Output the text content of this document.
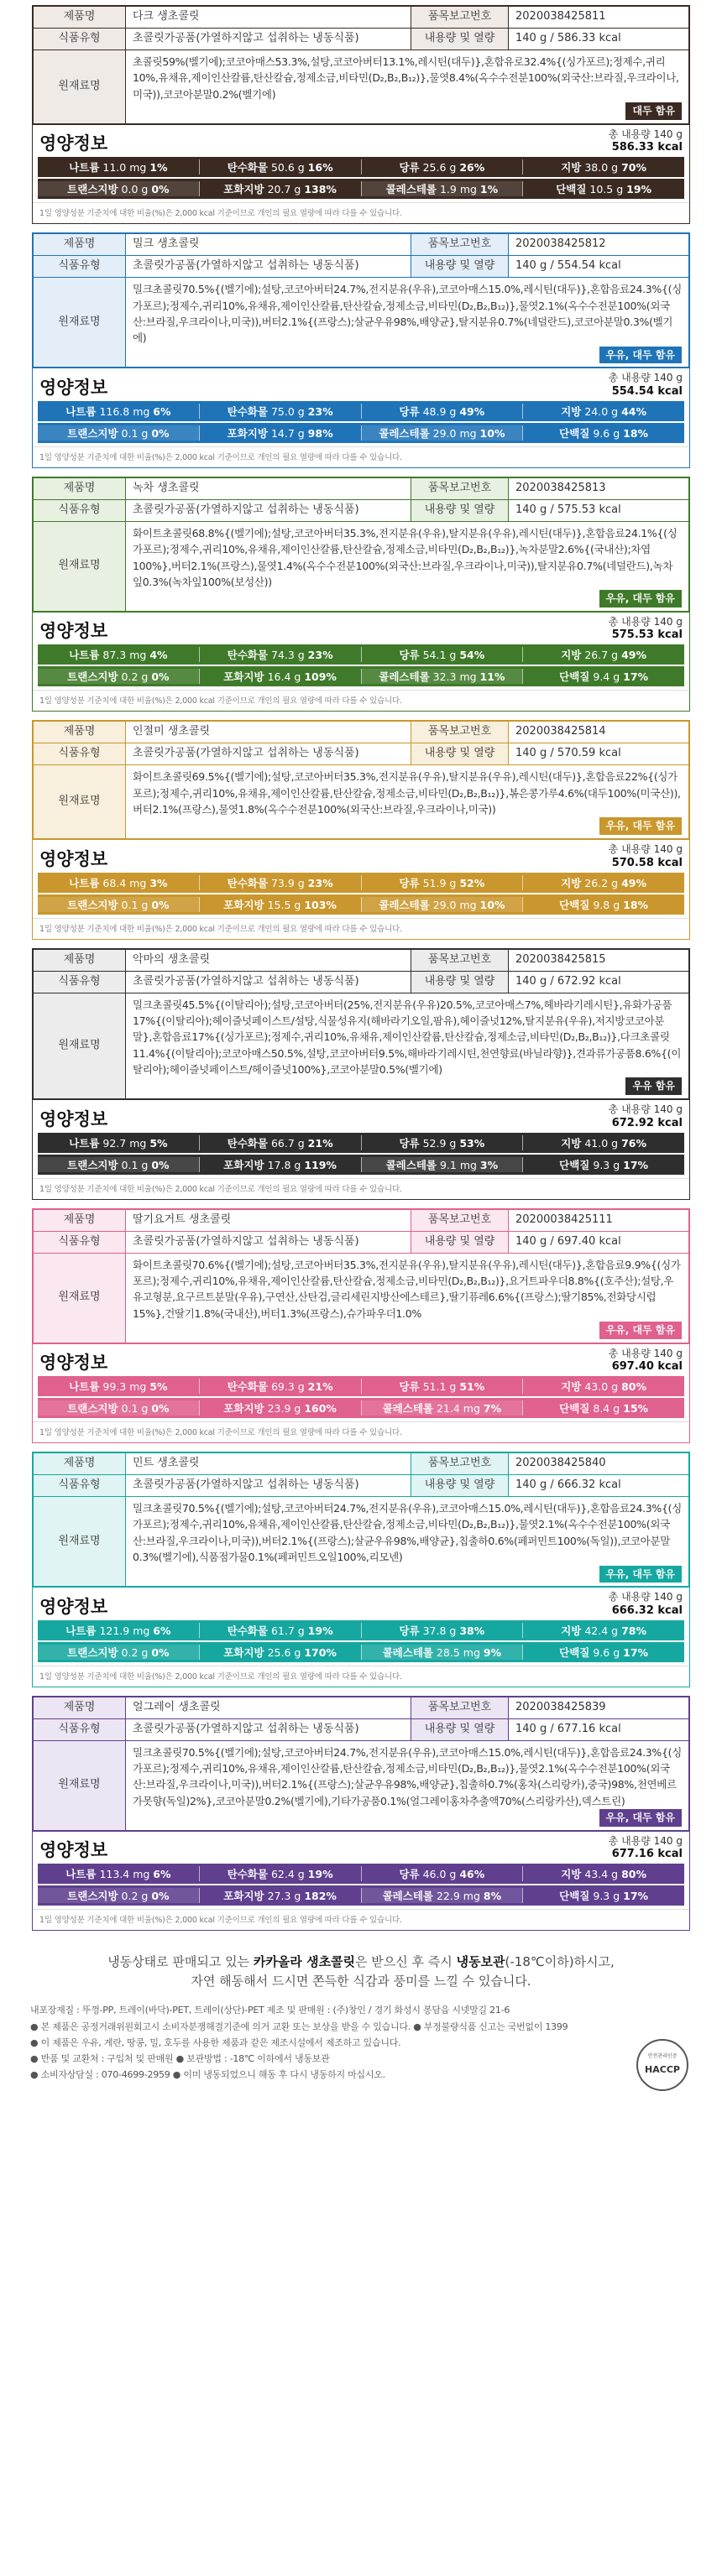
제품명	다크 생초콜릿	품목보고번호	2020038425811
식품유형	초콜릿가공품(가열하지않고 섭취하는 냉동식품)	내용량 및 열량	140 g / 586.33 kcal
원재료명	초콜릿59%(벨기에);코코아매스53.3%,설탕,코코아버터13.1%,레시틴(대두)},혼합유로32.4%{(싱가포르);정제수,귀리10%,유채유,제이인산칼륨,탄산칼슘,정제소금,비타민(D₂,B₂,B₁₂)},물엿8.4%(옥수수전분100%(외국산:브라질,우크라이나,미국)),코코아분말0.2%(벨기에)
대두 함유		
영양정보	총 내용량 140 g
586.33 kcal
나트륨 11.0 mg 1%	탄수화물 50.6 g 16%	당류 25.6 g 26%	지방 38.0 g 70%
트랜스지방 0.0 g 0%	포화지방 20.7 g 138%	콜레스테롤 1.9 mg 1%	단백질 10.5 g 19%
1일 영양성분 기준치에 대한 비율(%)은 2,000 kcal 기준이므로 개인의 필요 열량에 따라 다를 수 있습니다.
제품명	밀크 생초콜릿	품목보고번호	2020038425812
식품유형	초콜릿가공품(가열하지않고 섭취하는 냉동식품)	내용량 및 열량	140 g / 554.54 kcal
원재료명	밀크초콜릿70.5%{(벨기에);설탕,코코아버터24.7%,전지분유(우유),코코아매스15.0%,레시틴(대두)},혼합음료24.3%{(싱가포르);정제수,귀리10%,유채유,제이인산칼륨,탄산칼슘,정제소금,비타민(D₂,B₂,B₁₂)},물엿2.1%(옥수수전분100%(외국산:브라질,우크라이나,미국)),버터2.1%{(프랑스);살균우유98%,배양균},탈지분유0.7%(네덜란드),코코아분말0.3%(벨기에)
우유, 대두 함유		
영양정보	총 내용량 140 g
554.54 kcal
나트륨 116.8 mg 6%	탄수화물 75.0 g 23%	당류 48.9 g 49%	지방 24.0 g 44%
트랜스지방 0.1 g 0%	포화지방 14.7 g 98%	콜레스테롤 29.0 mg 10%	단백질 9.6 g 18%
1일 영양성분 기준치에 대한 비율(%)은 2,000 kcal 기준이므로 개인의 필요 열량에 따라 다를 수 있습니다.
제품명	녹차 생초콜릿	품목보고번호	2020038425813
식품유형	초콜릿가공품(가열하지않고 섭취하는 냉동식품)	내용량 및 열량	140 g / 575.53 kcal
원재료명	화이트초콜릿68.8%{(벨기에);설탕,코코아버터35.3%,전지분유(우유),탈지분유(우유),레시틴(대두)},혼합음료24.1%{(싱가포르);정제수,귀리10%,유채유,제이인산칼륨,탄산칼슘,정제소금,비타민(D₂,B₂,B₁₂)},녹차분말2.6%{(국내산);차엽100%},버터2.1%(프랑스),물엿1.4%(옥수수전분100%(외국산:브라질,우크라이나,미국)),탈지분유0.7%(네덜란드),녹차잎0.3%(녹차잎100%(보성산))
우유, 대두 함유		
영양정보	총 내용량 140 g
575.53 kcal
나트륨 87.3 mg 4%	탄수화물 74.3 g 23%	당류 54.1 g 54%	지방 26.7 g 49%
트랜스지방 0.2 g 0%	포화지방 16.4 g 109%	콜레스테롤 32.3 mg 11%	단백질 9.4 g 17%
1일 영양성분 기준치에 대한 비율(%)은 2,000 kcal 기준이므로 개인의 필요 열량에 따라 다를 수 있습니다.
제품명	인절미 생초콜릿	품목보고번호	2020038425814
식품유형	초콜릿가공품(가열하지않고 섭취하는 냉동식품)	내용량 및 열량	140 g / 570.59 kcal
원재료명	화이트초콜릿69.5%{(벨기에);설탕,코코아버터35.3%,전지분유(우유),탈지분유(우유),레시틴(대두)},혼합음료22%{(싱가포르);정제수,귀리10%,유채유,제이인산칼륨,탄산칼슘,정제소금,비타민(D₂,B₂,B₁₂)},볶은콩가루4.6%(대두100%(미국산)),버터2.1%(프랑스),물엿1.8%(옥수수전분100%(외국산:브라질,우크라이나,미국))
우유, 대두 함유		
영양정보	총 내용량 140 g
570.58 kcal
나트륨 68.4 mg 3%	탄수화물 73.9 g 23%	당류 51.9 g 52%	지방 26.2 g 49%
트랜스지방 0.1 g 0%	포화지방 15.5 g 103%	콜레스테롤 29.0 mg 10%	단백질 9.8 g 18%
1일 영양성분 기준치에 대한 비율(%)은 2,000 kcal 기준이므로 개인의 필요 열량에 따라 다를 수 있습니다.
제품명	악마의 생초콜릿	품목보고번호	2020038425815
식품유형	초콜릿가공품(가열하지않고 섭취하는 냉동식품)	내용량 및 열량	140 g / 672.92 kcal
원재료명	밀크초콜릿45.5%{(이탈리아);설탕,코코아버터(25%,전지분유(우유)20.5%,코코아매스7%,헤바라기레시틴},유화가공품17%{(이탈리아);헤이즐넛페이스트/설탕,식물성유지(해바라기오일,팜유),헤이즐넛12%,탈지분유(우유),저지방코코아분말},혼합음료17%{(싱가포르);정제수,귀리10%,유채유,제이인산칼륨,탄산칼슘,정제소금,비타민(D₂,B₂,B₁₂)},다크초콜릿11.4%{(이탈리아);코코아매스50.5%,설탕,코코아버터9.5%,해바라기레시틴,천연향료(바닐라향)},견과류가공품8.6%{(이탈리아);헤이즐넛페이스트/헤이즐넛100%},코코아분말0.5%(벨기에)
우유 함유		
영양정보	총 내용량 140 g
672.92 kcal
나트륨 92.7 mg 5%	탄수화물 66.7 g 21%	당류 52.9 g 53%	지방 41.0 g 76%
트랜스지방 0.1 g 0%	포화지방 17.8 g 119%	콜레스테롤 9.1 mg 3%	단백질 9.3 g 17%
1일 영양성분 기준치에 대한 비율(%)은 2,000 kcal 기준이므로 개인의 필요 열량에 따라 다를 수 있습니다.
제품명	딸기요거트 생초콜릿	품목보고번호	20200038425111
식품유형	초콜릿가공품(가열하지않고 섭취하는 냉동식품)	내용량 및 열량	140 g / 697.40 kcal
원재료명	화이트초콜릿70.6%{(벨기에);설탕,코코아버터35.3%,전지분유(우유),탈지분유(우유),레시틴(대두)},혼합음료9.9%{(싱가포르);정제수,귀리10%,유채유,제이인산칼륨,탄산칼슘,정제소금,비타민(D₂,B₂,B₁₂)},요거트파우더8.8%{(호주산);설탕,우유고형분,요구르트분말(우유),구연산,산탄검,글리세린지방산에스테르},딸기퓨레6.6%{(프랑스);딸기85%,전화당시럽15%},건딸기1.8%(국내산),버터1.3%(프랑스),슈가파우더1.0%
우유, 대두 함유		
영양정보	총 내용량 140 g
697.40 kcal
나트륨 99.3 mg 5%	탄수화물 69.3 g 21%	당류 51.1 g 51%	지방 43.0 g 80%
트랜스지방 0.1 g 0%	포화지방 23.9 g 160%	콜레스테롤 21.4 mg 7%	단백질 8.4 g 15%
1일 영양성분 기준치에 대한 비율(%)은 2,000 kcal 기준이므로 개인의 필요 열량에 따라 다를 수 있습니다.
제품명	민트 생초콜릿	품목보고번호	2020038425840
식품유형	초콜릿가공품(가열하지않고 섭취하는 냉동식품)	내용량 및 열량	140 g / 666.32 kcal
원재료명	밀크초콜릿70.5%{(벨기에);설탕,코코아버터24.7%,전지분유(우유),코코아매스15.0%,레시틴(대두)},혼합음료24.3%{(싱가포르);정제수,귀리10%,유채유,제이인산칼륨,탄산칼슘,정제소금,비타민(D₂,B₂,B₁₂)},물엿2.1%(옥수수전분100%(외국산:브라질,우크라이나,미국)),버터2.1%{(프랑스);살균우유98%,배양균},칩출하0.6%(페퍼민트100%(독일)),코코아분말0.3%(벨기에),식품점가물0.1%(페퍼민트오일100%,리모넨)
우유, 대두 함유		
영양정보	총 내용량 140 g
666.32 kcal
나트륨 121.9 mg 6%	탄수화물 61.7 g 19%	당류 37.8 g 38%	지방 42.4 g 78%
트랜스지방 0.2 g 0%	포화지방 25.6 g 170%	콜레스테롤 28.5 mg 9%	단백질 9.6 g 17%
1일 영양성분 기준치에 대한 비율(%)은 2,000 kcal 기준이므로 개인의 필요 열량에 따라 다를 수 있습니다.
제품명	얼그레이 생초콜릿	품목보고번호	2020038425839
식품유형	초콜릿가공품(가열하지않고 섭취하는 냉동식품)	내용량 및 열량	140 g / 677.16 kcal
원재료명	밀크초콜릿70.5%{(벨기에);설탕,코코아버터24.7%,전지분유(우유),코코아매스15.0%,레시틴(대두)},혼합음료24.3%{(싱가포르);정제수,귀리10%,유채유,제이인산칼륨,탄산칼슘,정제소금,비타민(D₂,B₂,B₁₂)},물엿2.1%(옥수수전분100%(외국산:브라질,우크라이나,미국)),버터2.1%{(프랑스);살균우유98%,배양균},칩출하0.7%(홍차(스리랑카),중국)98%,천연베르가못향(독일)2%},코코아분말0.2%(벨기에),기타가공품0.1%(얼그레이홍차추출액70%(스리랑카산),덱스트린)
우유, 대두 함유		
영양정보	총 내용량 140 g
677.16 kcal
나트륨 113.4 mg 6%	탄수화물 62.4 g 19%	당류 46.0 g 46%	지방 43.4 g 80%
트랜스지방 0.2 g 0%	포화지방 27.3 g 182%	콜레스테롤 22.9 mg 8%	단백질 9.3 g 17%
1일 영양성분 기준치에 대한 비율(%)은 2,000 kcal 기준이므로 개인의 필요 열량에 따라 다를 수 있습니다.
냉동상태로 판매되고 있는 카카올라 생초콜릿은 받으신 후 즉시 냉동보관(-18℃이하)하시고,
자연 해동해서 드시면 쫀득한 식감과 풍미를 느낄 수 있습니다.
내포장재질 : 뚜껑-PP, 트레이(바닥)-PET, 트레이(상단)-PET 제조 및 판매원 : (주)창인 / 경기 화성시 봉담읍 시넷말길 21-6
● 본 제품은 공정거래위원회고시 소비자분쟁해결기준에 의거 교환 또는 보상을 받을 수 있습니다. ● 부정불량식품 신고는 국번없이 1399
● 이 제품은 우유, 계란, 땅콩, 밀, 호두를 사용한 제품과 같은 제조시설에서 제조하고 있습니다.
● 반품 및 교환처 : 구입처 및 판매원 ● 보관방법 : -18℃ 이하에서 냉동보관
● 소비자상담실 : 070-4699-2959 ● 이미 냉동되었으니 해동 후 다시 냉동하지 마십시오.
안전관리인증
HACCP
